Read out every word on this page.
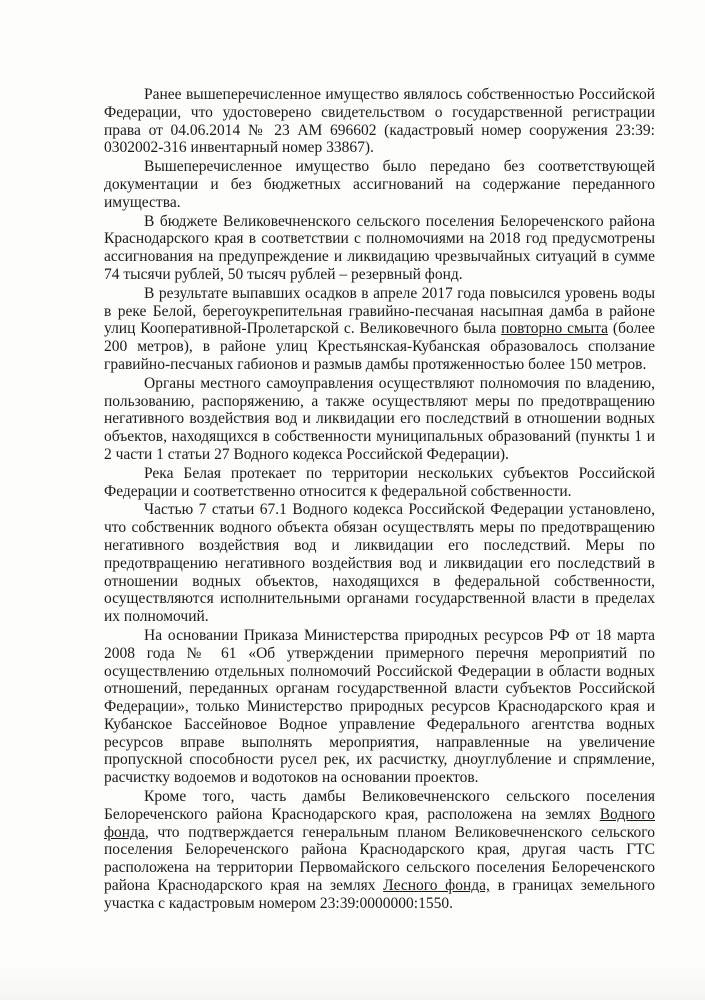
Ранее вышеперечисленное имущество являлось собственностью Российской Федерации, что удостоверено свидетельством о государственной регистрации права от 04.06.2014 № 23 АМ 696602 (кадастровый номер сооружения 23:39: 0302002-316 инвентарный номер 33867).

Вышеперечисленное имущество было передано без соответствующей документации и без бюджетных ассигнований на содержание переданного имущества.

В бюджете Великовечненского сельского поселения Белореченского района Краснодарского края в соответствии с полномочиями на 2018 год предусмотрены ассигнования на предупреждение и ликвидацию чрезвычайных ситуаций в сумме 74 тысячи рублей, 50 тысяч рублей – резервный фонд.

В результате выпавших осадков в апреле 2017 года повысился уровень воды в реке Белой, берегоукрепительная гравийно-песчаная насыпная дамба в районе улиц Кооперативной-Пролетарской с. Великовечного была повторно смыта (более 200 метров), в районе улиц Крестьянская-Кубанская образовалось сползание гравийно-песчаных габионов и размыв дамбы протяженностью более 150 метров.

Органы местного самоуправления осуществляют полномочия по владению, пользованию, распоряжению, а также осуществляют меры по предотвращению негативного воздействия вод и ликвидации его последствий в отношении водных объектов, находящихся в собственности муниципальных образований (пункты 1 и 2 части 1 статьи 27 Водного кодекса Российской Федерации).

Река Белая протекает по территории нескольких субъектов Российской Федерации и соответственно относится к федеральной собственности.

Частью 7 статьи 67.1 Водного кодекса Российской Федерации установлено, что собственник водного объекта обязан осуществлять меры по предотвращению негативного воздействия вод и ликвидации его последствий. Меры по предотвращению негативного воздействия вод и ликвидации его последствий в отношении водных объектов, находящихся в федеральной собственности, осуществляются исполнительными органами государственной власти в пределах их полномочий.

На основании Приказа Министерства природных ресурсов РФ от 18 марта 2008 года № 61 «Об утверждении примерного перечня мероприятий по осуществлению отдельных полномочий Российской Федерации в области водных отношений, переданных органам государственной власти субъектов Российской Федерации», только Министерство природных ресурсов Краснодарского края и Кубанское Бассейновое Водное управление Федерального агентства водных ресурсов вправе выполнять мероприятия, направленные на увеличение пропускной способности русел рек, их расчистку, дноуглубление и спрямление, расчистку водоемов и водотоков на основании проектов.

Кроме того, часть дамбы Великовечненского сельского поселения Белореченского района Краснодарского края, расположена на землях Водного фонда, что подтверждается генеральным планом Великовечненского сельского поселения Белореченского района Краснодарского края, другая часть ГТС расположена на территории Первомайского сельского поселения Белореченского района Краснодарского края на землях Лесного фонда, в границах земельного участка с кадастровым номером 23:39:0000000:1550.
